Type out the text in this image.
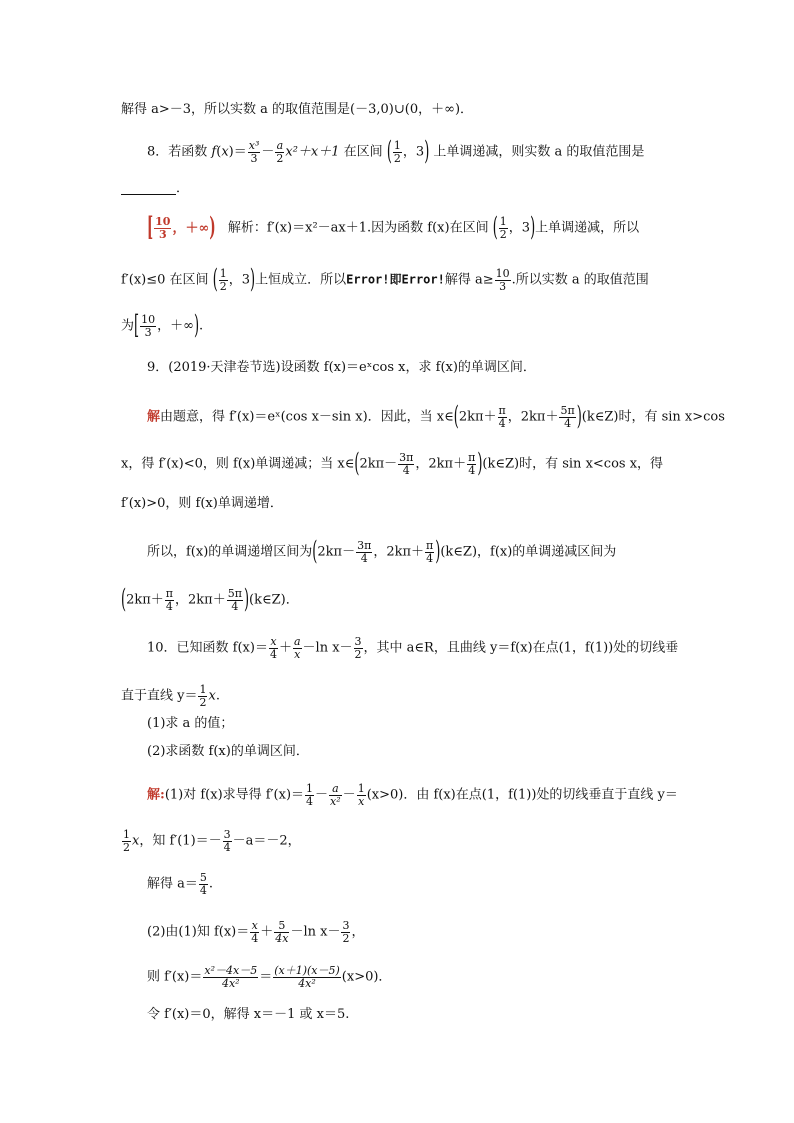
解得 a>－3，所以实数 a 的取值范围是(－3,0)∪(0，＋∞)．
8．若函数 $f(x)= \frac{\text{x³}}{3} - \frac{a}{2} x^2+x+1$ 在区间 ( $\frac{1}{2}$ ，3) 上单调递减，则实数 a 的取值范围是
．
[ $\frac{10}{3}$ ，＋∞) 解析：f′(x)＝x²－ax＋1.因为函数 f(x)在区间 ( $\frac{1}{2}$ ，3)上单调递减，所以
f′(x)≤0 在区间 ( $\frac{1}{2}$ ，3)上恒成立．所以Error!即Error!解得 $a\ge \frac{10}{3}$ .所以实数 a 的取值范围
为[ $\frac{10}{3}$ ，＋∞).
9．(2019·天津卷节选)设函数 f(x)＝eˣcos x，求 f(x)的单调区间．
解由题意，得 f′(x)＝eˣ(cos x－sin x)．因此，当 x∈(2kπ＋ $\frac{\pi}{4}$ ，$2k\pi+ \frac{5\pi}{4}$ )(k∈Z)时，有 sin x>cos
x，得 f′(x)<0，则 f(x)单调递减；当 x∈(2kπ－ $\frac{3\pi}{4}$ ，$2k\pi+ \frac{\pi}{4}$ )(k∈Z)时，有 sin x<cos x，得
f′(x)>0，则 f(x)单调递增．
所以，f(x)的单调递增区间为($2k\pi- \frac{3\pi}{4}$ ，$2k\pi+ \frac{\pi}{4}$ )(k∈Z)，f(x)的单调递减区间为
($2k\pi+ \frac{\pi}{4}$ ，$2k\pi+ \frac{5\pi}{4}$ )(k∈Z)．
10．已知函数 $f(x)= \frac{x}{4} + \frac{a}{x} -\ln$ $x- \frac{3}{2}$ ，其中 a∈R，且曲线 y＝f(x)在点(1，f(1))处的切线垂
直于直线 $y= \frac{1}{2} x$.
(1)求 a 的值；
(2)求函数 f(x)的单调区间．
解:(1)对 f(x)求导得 $f'(x)= \frac{1}{4} - \frac{a}{\text{x²}} - \frac{1}{x} (x>0)$．由 f(x)在点(1，f(1))处的切线垂直于直线 y＝
$\frac{1}{2}$ x，知 $f'(1)=- \frac{3}{4} -a=-2$，
解得 $a= \frac{5}{4}$ .
(2)由(1)知 $f(x)= \frac{x}{4} + \frac{5}{4x} -\ln$ $x- \frac{3}{2}$ ，
则 $f'(x)= \frac{\text{x²－4x－5}}{\text{4x²}} = \frac{(x+1)(x-5)}{\text{4x²}} (x>0)$．
令 f′(x)＝0，解得 x＝－1 或 x＝5.
